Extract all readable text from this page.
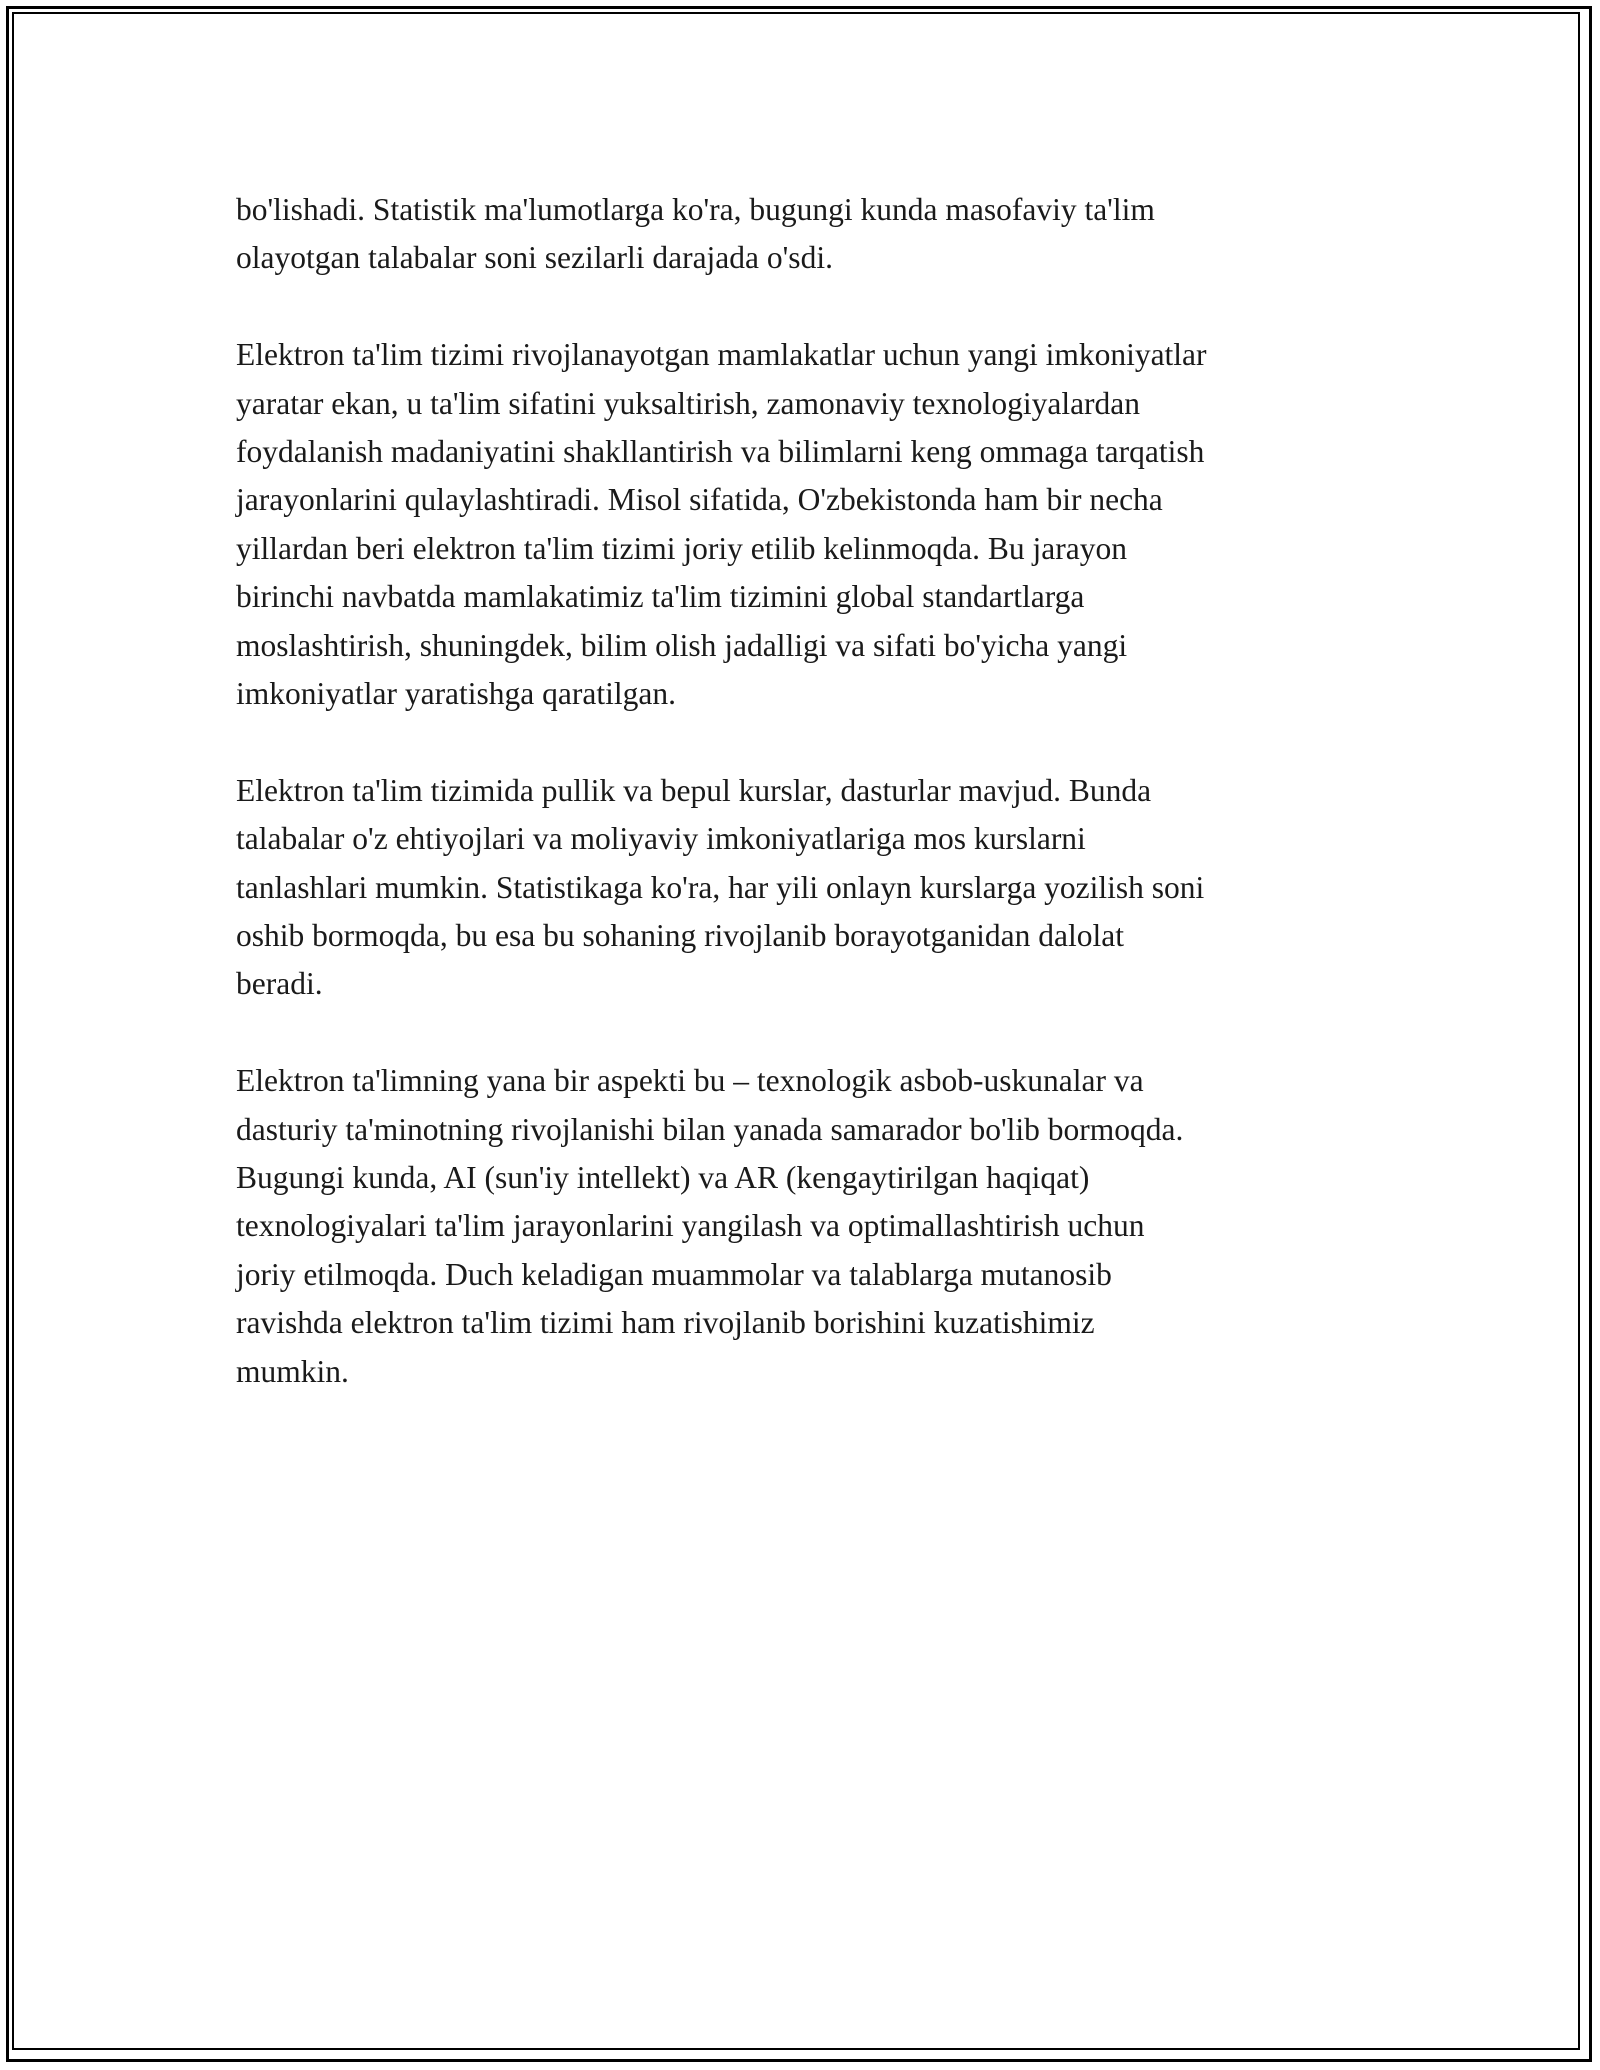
bo'lishadi. Statistik ma'lumotlarga ko'ra, bugungi kunda masofaviy ta'lim
olayotgan talabalar soni sezilarli darajada o'sdi.

Elektron ta'lim tizimi rivojlanayotgan mamlakatlar uchun yangi imkoniyatlar
yaratar ekan, u ta'lim sifatini yuksaltirish, zamonaviy texnologiyalardan
foydalanish madaniyatini shakllantirish va bilimlarni keng ommaga tarqatish
jarayonlarini qulaylashtiradi. Misol sifatida, O'zbekistonda ham bir necha
yillardan beri elektron ta'lim tizimi joriy etilib kelinmoqda. Bu jarayon
birinchi navbatda mamlakatimiz ta'lim tizimini global standartlarga
moslashtirish, shuningdek, bilim olish jadalligi va sifati bo'yicha yangi
imkoniyatlar yaratishga qaratilgan.

Elektron ta'lim tizimida pullik va bepul kurslar, dasturlar mavjud. Bunda
talabalar o'z ehtiyojlari va moliyaviy imkoniyatlariga mos kurslarni
tanlashlari mumkin. Statistikaga ko'ra, har yili onlayn kurslarga yozilish soni
oshib bormoqda, bu esa bu sohaning rivojlanib borayotganidan dalolat
beradi.

Elektron ta'limning yana bir aspekti bu – texnologik asbob-uskunalar va
dasturiy ta'minotning rivojlanishi bilan yanada samarador bo'lib bormoqda.
Bugungi kunda, AI (sun'iy intellekt) va AR (kengaytirilgan haqiqat)
texnologiyalari ta'lim jarayonlarini yangilash va optimallashtirish uchun
joriy etilmoqda. Duch keladigan muammolar va talablarga mutanosib
ravishda elektron ta'lim tizimi ham rivojlanib borishini kuzatishimiz
mumkin.
